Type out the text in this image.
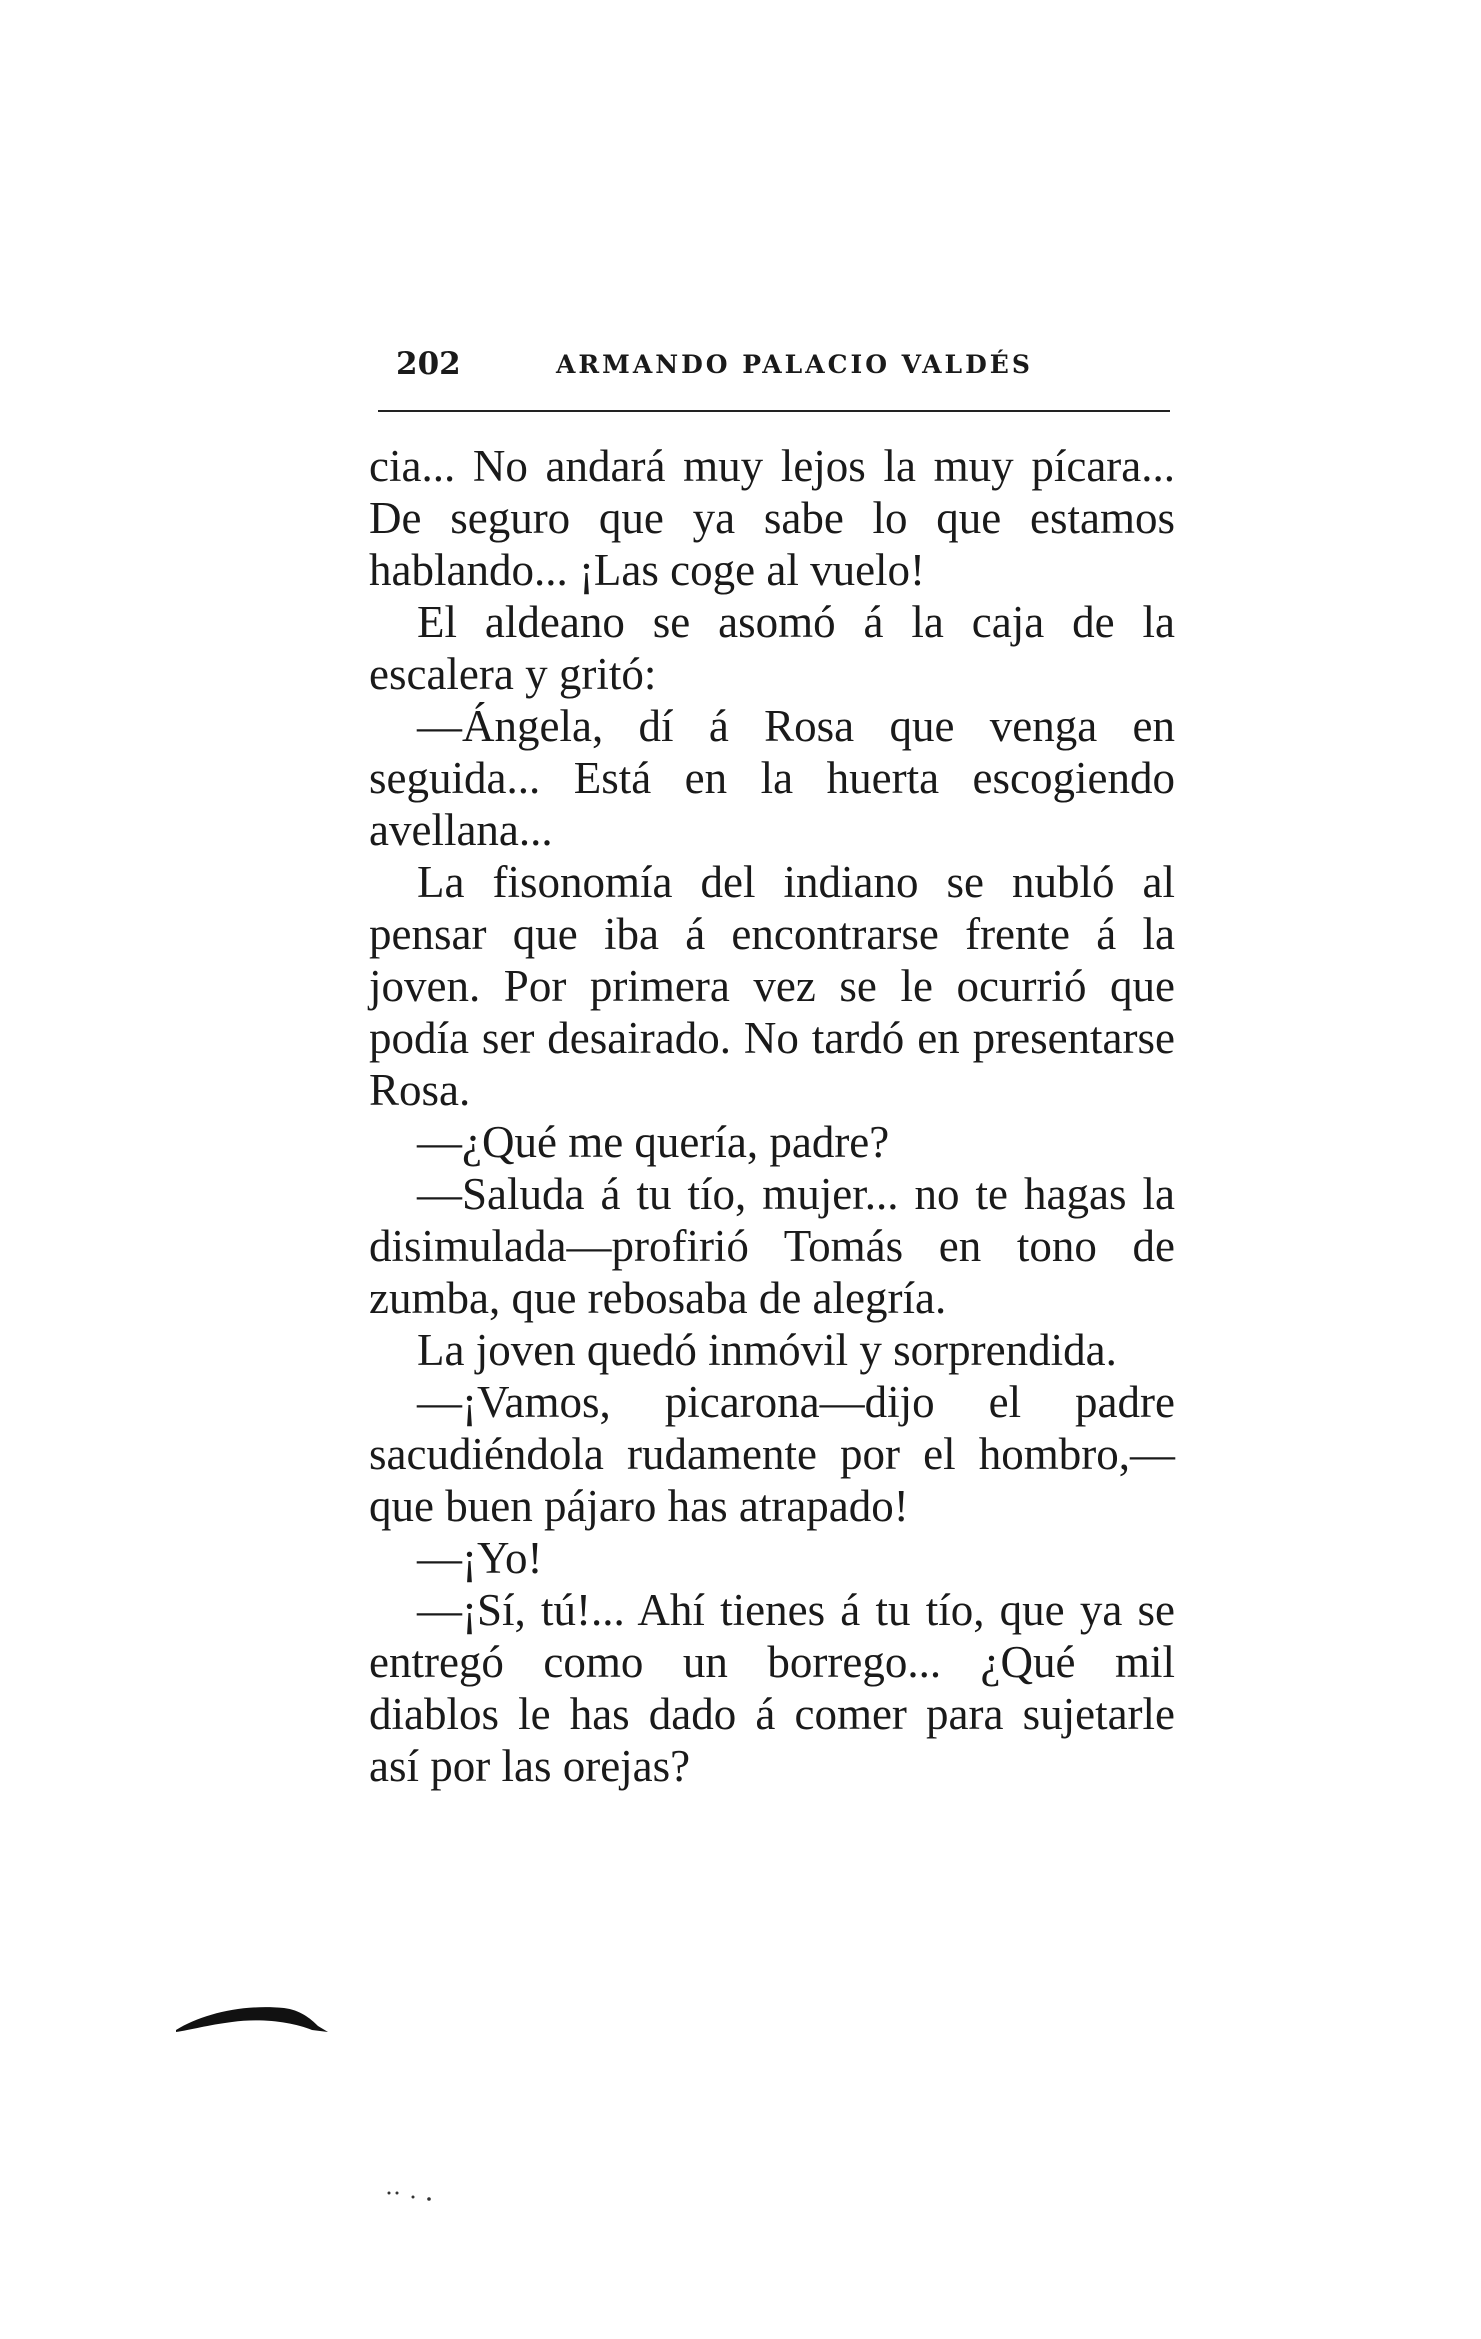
202	ARMANDO PALACIO VALDÉS

cia... No andará muy lejos la muy pícara... De seguro que ya sabe lo que estamos hablando... ¡Las coge al vuelo!

El aldeano se asomó á la caja de la escalera y gritó:

—Ángela, dí á Rosa que venga en seguida... Está en la huerta escogiendo avellana...

La fisonomía del indiano se nubló al pensar que iba á encontrarse frente á la joven. Por primera vez se le ocurrió que podía ser desairado. No tardó en presentarse Rosa.

—¿Qué me quería, padre?

—Saluda á tu tío, mujer... no te hagas la disimulada—profirió Tomás en tono de zumba, que rebosaba de alegría.

La joven quedó inmóvil y sorprendida.

—¡Vamos, picarona—dijo el padre sacudiéndola rudamente por el hombro,—que buen pájaro has atrapado!

—¡Yo!

—¡Sí, tú!... Ahí tienes á tu tío, que ya se entregó como un borrego... ¿Qué mil diablos le has dado á comer para sujetarle así por las orejas?
